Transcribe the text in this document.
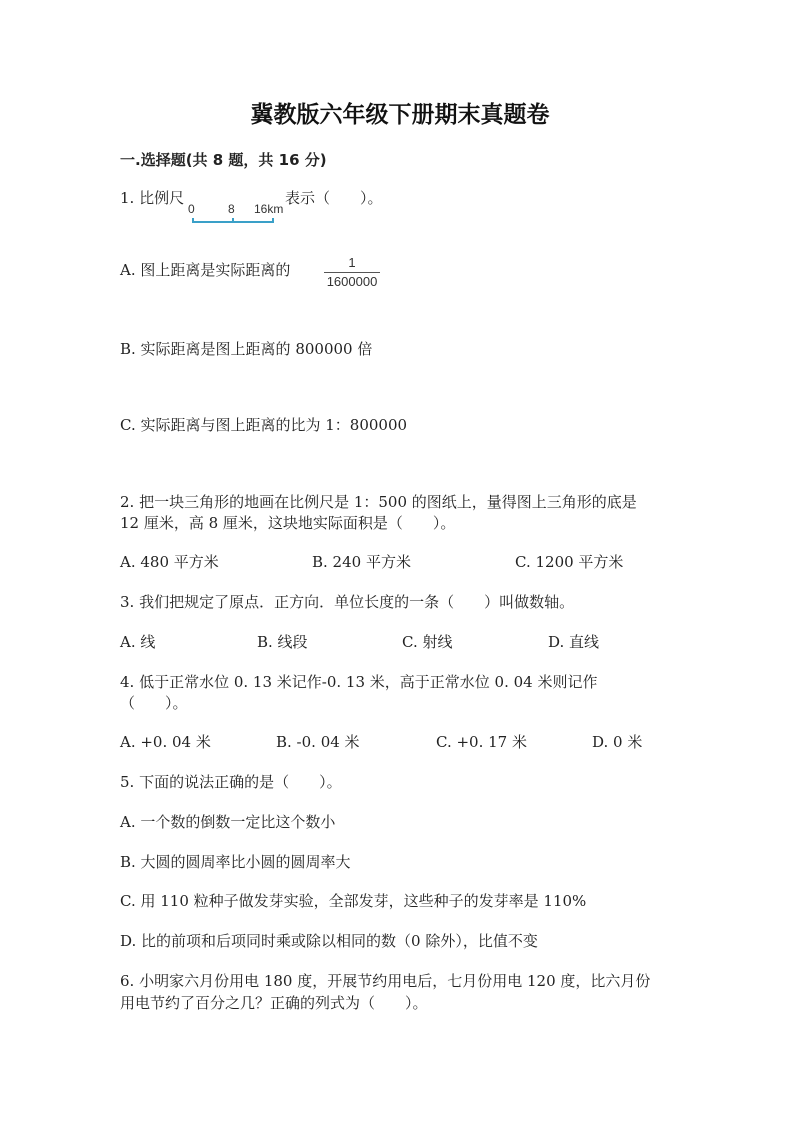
冀教版六年级下册期末真题卷
一.选择题(共 8 题，共 16 分)
1. 比例尺
0	8 16km
表示（　　）。
A. 图上距离是实际距离的	1
1600000
B. 实际距离是图上距离的 800000 倍
C. 实际距离与图上距离的比为 1：800000
2. 把一块三角形的地画在比例尺是 1：500 的图纸上，量得图上三角形的底是
12 厘米，高 8 厘米，这块地实际面积是（　　）。
A. 480 平方米	B. 240 平方米	C. 1200 平方米
3. 我们把规定了原点．正方向．单位长度的一条（　　）叫做数轴。
A. 线	B. 线段	C. 射线	D. 直线
4. 低于正常水位 0. 13 米记作-0. 13 米，高于正常水位 0. 04 米则记作
（　　）。
A. +0. 04 米	B. -0. 04 米	C. +0. 17 米	D. 0 米
5. 下面的说法正确的是（　　）。
A. 一个数的倒数一定比这个数小
B. 大圆的圆周率比小圆的圆周率大
C. 用 110 粒种子做发芽实验，全部发芽，这些种子的发芽率是 110%
D. 比的前项和后项同时乘或除以相同的数（0 除外），比值不变
6. 小明家六月份用电 180 度，开展节约用电后，七月份用电 120 度，比六月份
用电节约了百分之几？正确的列式为（　　）。
